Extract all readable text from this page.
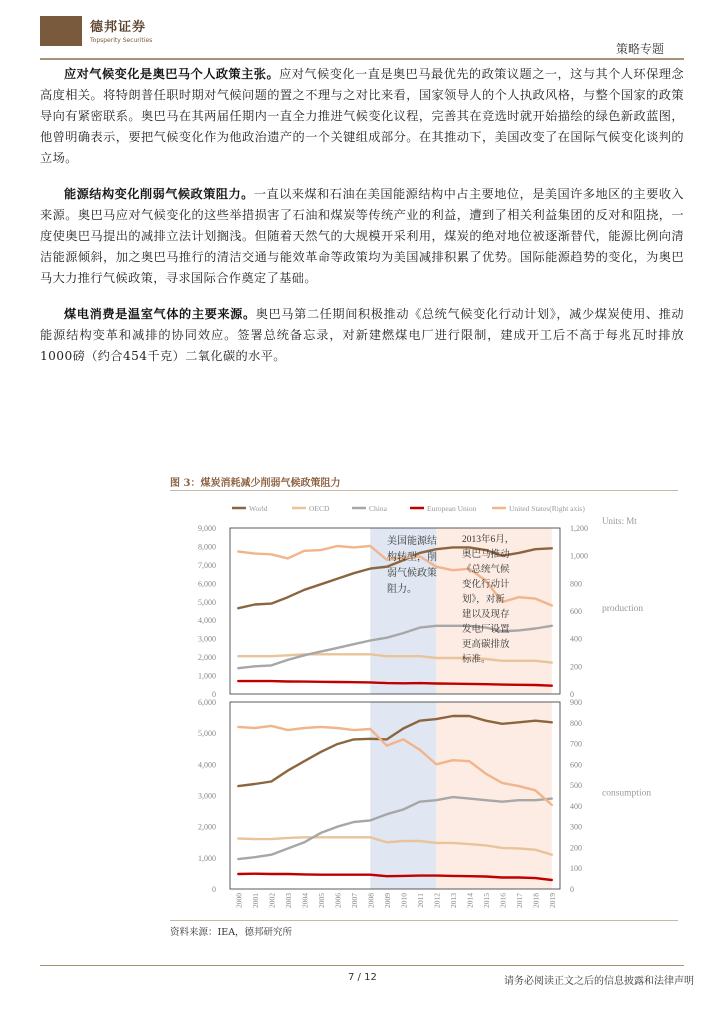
德邦证券
Topsperity Securities
策略专题

应对气候变化是奥巴马个人政策主张。应对气候变化一直是奥巴马最优先的政策议题之一，这与其个人环保理念高度相关。将特朗普任职时期对气候问题的置之不理与之对比来看，国家领导人的个人执政风格，与整个国家的政策导向有紧密联系。奥巴马在其两届任期内一直全力推进气候变化议程，完善其在竞选时就开始描绘的绿色新政蓝图，他曾明确表示，要把气候变化作为他政治遗产的一个关键组成部分。在其推动下，美国改变了在国际气候变化谈判的立场。

能源结构变化削弱气候政策阻力。一直以来煤和石油在美国能源结构中占主要地位，是美国许多地区的主要收入来源。奥巴马应对气候变化的这些举措损害了石油和煤炭等传统产业的利益，遭到了相关利益集团的反对和阻挠，一度使奥巴马提出的减排立法计划搁浅。但随着天然气的大规模开采利用，煤炭的绝对地位被逐渐替代，能源比例向清洁能源倾斜，加之奥巴马推行的清洁交通与能效革命等政策均为美国减排积累了优势。国际能源趋势的变化，为奥巴马大力推行气候政策，寻求国际合作奠定了基础。

煤电消费是温室气体的主要来源。奥巴马第二任期间积极推动《总统气候变化行动计划》，减少煤炭使用、推动能源结构变革和减排的协同效应。签署总统备忘录，对新建燃煤电厂进行限制，建成开工后不高于每兆瓦时排放1000磅（约合454千克）二氧化碳的水平。

图 3：煤炭消耗减少削弱气候政策阻力
World	OECD	China	European Union	United States(Right axis)
Units: Mt
0
1,000
2,000
3,000
4,000
5,000
6,000
7,000
8,000
9,000
0
200
400
600
800
1,000
1,200
production
0
1,000
2,000
3,000
4,000
5,000
6,000
0
100
200
300
400
500
600
700
800
900
consumption
2000 2001 2002 2003 2004 2005 2006 2007 2008 2009 2010 2011 2012 2013 2014 2015 2016 2017 2018 2019
美国能源结
构转型，削
弱气候政策
阻力。
2013年6月，
奥巴马推动
《总统气候
变化行动计
划》，对新
建以及现存
发电厂设置
更高碳排放
标准。
资料来源：IEA，德邦研究所
7 / 12	请务必阅读正文之后的信息披露和法律声明
